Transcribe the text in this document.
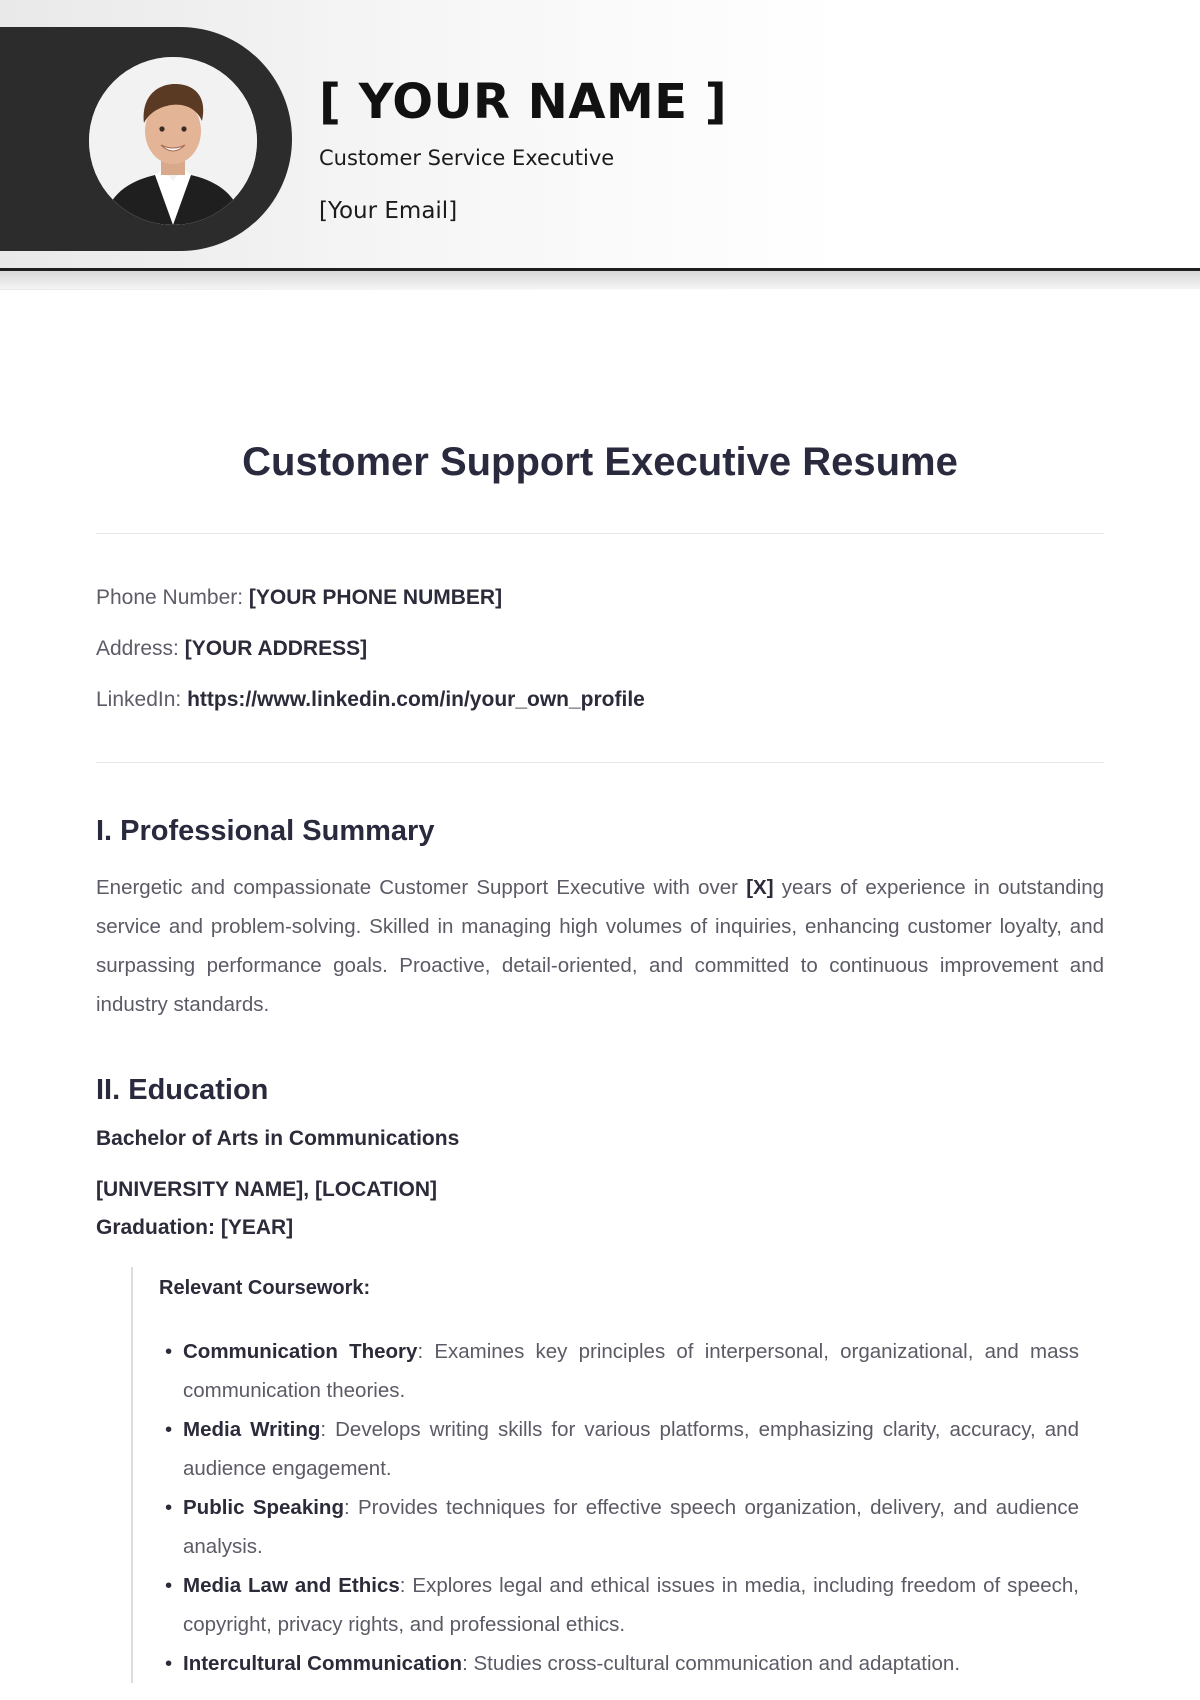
[ YOUR NAME ]

Customer Service Executive

[Your Email]

Customer Support Executive Resume
Phone Number: [YOUR PHONE NUMBER]
Address: [YOUR ADDRESS]
LinkedIn: https://www.linkedin.com/in/your_own_profile
I. Professional Summary

Energetic and compassionate Customer Support Executive with over [X] years of experience in outstanding service and problem-solving. Skilled in managing high volumes of inquiries, enhancing customer loyalty, and surpassing performance goals. Proactive, detail-oriented, and committed to continuous improvement and industry standards.

II. Education
Bachelor of Arts in Communications
[UNIVERSITY NAME], [LOCATION]
Graduation: [YEAR]
Relevant Coursework:
• Communication Theory: Examines key principles of interpersonal, organizational, and mass communication theories.
• Media Writing: Develops writing skills for various platforms, emphasizing clarity, accuracy, and audience engagement.
• Public Speaking: Provides techniques for effective speech organization, delivery, and audience analysis.
• Media Law and Ethics: Explores legal and ethical issues in media, including freedom of speech, copyright, privacy rights, and professional ethics.
• Intercultural Communication: Studies cross-cultural communication and adaptation.
